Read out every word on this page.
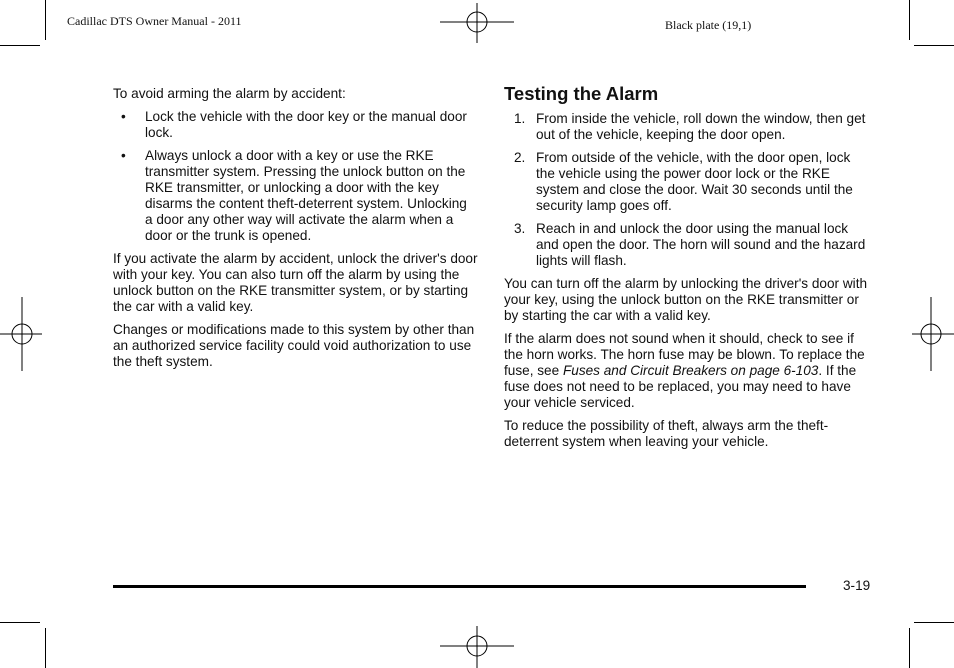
Cadillac DTS Owner Manual - 2011	Black plate (19,1)

To avoid arming the alarm by accident:

• Lock the vehicle with the door key or the manual door lock.
• Always unlock a door with a key or use the RKE transmitter system. Pressing the unlock button on the RKE transmitter, or unlocking a door with the key disarms the content theft-deterrent system. Unlocking a door any other way will activate the alarm when a door or the trunk is opened.

If you activate the alarm by accident, unlock the driver's door with your key. You can also turn off the alarm by using the unlock button on the RKE transmitter system, or by starting the car with a valid key.

Changes or modifications made to this system by other than an authorized service facility could void authorization to use the theft system.

Testing the Alarm
1. From inside the vehicle, roll down the window, then get out of the vehicle, keeping the door open.
2. From outside of the vehicle, with the door open, lock the vehicle using the power door lock or the RKE system and close the door. Wait 30 seconds until the security lamp goes off.
3. Reach in and unlock the door using the manual lock and open the door. The horn will sound and the hazard lights will flash.

You can turn off the alarm by unlocking the driver's door with your key, using the unlock button on the RKE transmitter or by starting the car with a valid key.

If the alarm does not sound when it should, check to see if the horn works. The horn fuse may be blown. To replace the fuse, see Fuses and Circuit Breakers on page 6-103. If the fuse does not need to be replaced, you may need to have your vehicle serviced.

To reduce the possibility of theft, always arm the theft-deterrent system when leaving your vehicle.

3-19
